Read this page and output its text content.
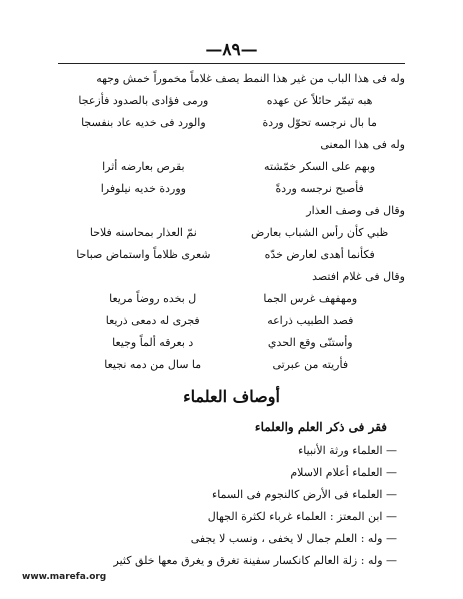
—٨٩—
وله فى هذا الباب من غير هذا النمط يصف غلاماً مخموراً خمش وجهه
هبه تيمّر حائلاً عن عهده
ورمى فؤادى بالصدود فأزعجا
ما بال نرجسه تحوّل وردة
والورد فى خديه عاد بنفسجا
وله فى هذا المعنى
وبهم على السكر خمّشته
بقرص بعارضه أثرا
فأصبح نرجسه وردةً
ووردة خديه نيلوفرا
وقال فى وصف العذار
ظبي كأن رأس الشباب بعارض
نمّ العذار بمحاسنه فلاحا
فكأنما أهدى لعارض خدّه
شعرى ظلاماً واستماض صباحا
وقال فى غلام افتصد
ومهفهف غرس الجما
ل بخده روضاً مريعا
فصد الطبيب ذراعه
فجرى له دمعى ذريعا
وأستنّى وقع الحدي
د بعرقه ألماً وجيعا
فأريته من عبرتى
ما سال من دمه نجيعا
أوصاف العلماء
فقر فى ذكر العلم والعلماء
— العلماء ورثة الأنبياء
— العلماء أعلام الاسلام
— العلماء فى الأرض كالنجوم فى السماء
— ابن المعتز : العلماء غرباء لكثرة الجهال
— وله : العلم جمال لا يخفى ، ونسب لا يجفى
— وله : زلة العالم كانكسار سفينة تغرق و يغرق معها خلق كثير
www.marefa.org
